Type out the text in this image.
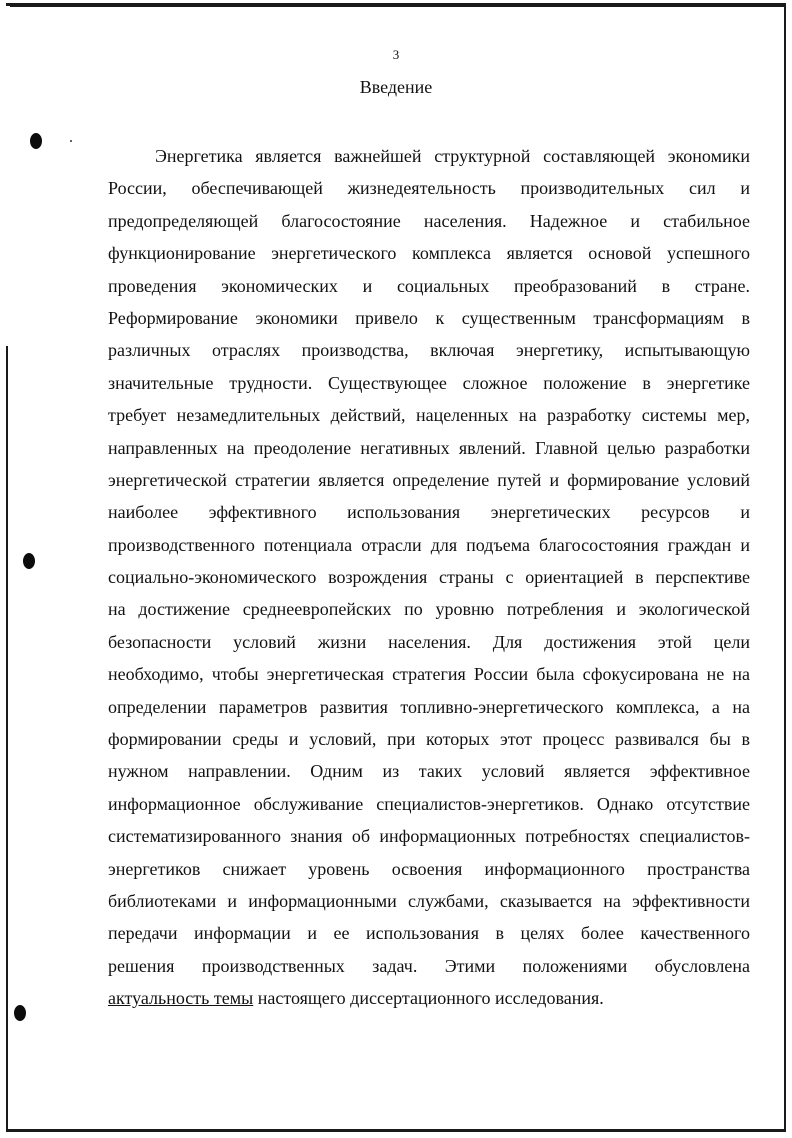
3
Введение
Энергетика является важнейшей структурной составляющей экономики
России, обеспечивающей жизнедеятельность производительных сил и
предопределяющей благосостояние населения. Надежное и стабильное
функционирование энергетического комплекса является основой успешного
проведения экономических и социальных преобразований в стране.
Реформирование экономики привело к существенным трансформациям в
различных отраслях производства, включая энергетику, испытывающую
значительные трудности. Существующее сложное положение в энергетике
требует незамедлительных действий, нацеленных на разработку системы мер,
направленных на преодоление негативных явлений. Главной целью разработки
энергетической стратегии является определение путей и формирование условий
наиболее эффективного использования энергетических ресурсов и
производственного потенциала отрасли для подъема благосостояния граждан и
социально-экономического возрождения страны с ориентацией в перспективе
на достижение среднеевропейских по уровню потребления и экологической
безопасности условий жизни населения. Для достижения этой цели
необходимо, чтобы энергетическая стратегия России была сфокусирована не на
определении параметров развития топливно-энергетического комплекса, а на
формировании среды и условий, при которых этот процесс развивался бы в
нужном направлении. Одним из таких условий является эффективное
информационное обслуживание специалистов-энергетиков. Однако отсутствие
систематизированного знания об информационных потребностях специалистов-
энергетиков снижает уровень освоения информационного пространства
библиотеками и информационными службами, сказывается на эффективности
передачи информации и ее использования в целях более качественного
решения производственных задач. Этими положениями обусловлена
актуальность темы настоящего диссертационного исследования.
